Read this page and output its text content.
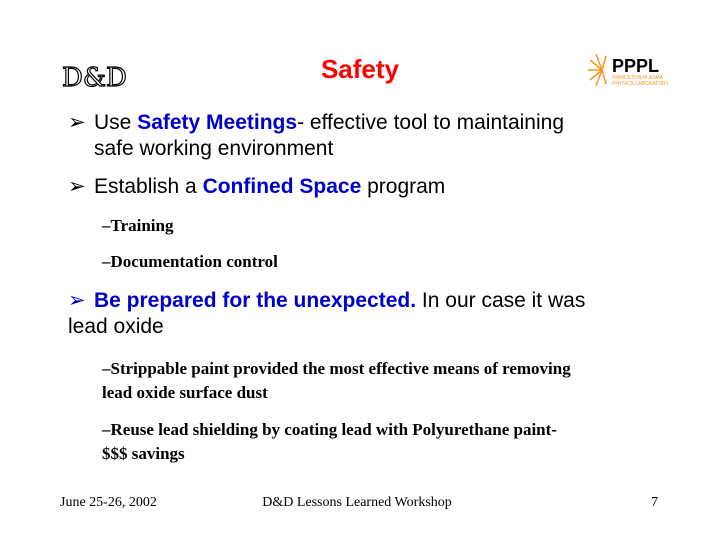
D&D	Safety	PPPL
PRINCETON PLASMA
PHYSICS LABORATORY
➢ Use Safety Meetings- effective tool to maintaining
safe working environment
➢ Establish a Confined Space program
–Training
–Documentation control
➢ Be prepared for the unexpected. In our case it was
lead oxide
–Strippable paint provided the most effective means of removing
lead oxide surface dust
–Reuse lead shielding by coating lead with Polyurethane paint-
$$$ savings
June 25-26, 2002	D&D Lessons Learned Workshop	7
